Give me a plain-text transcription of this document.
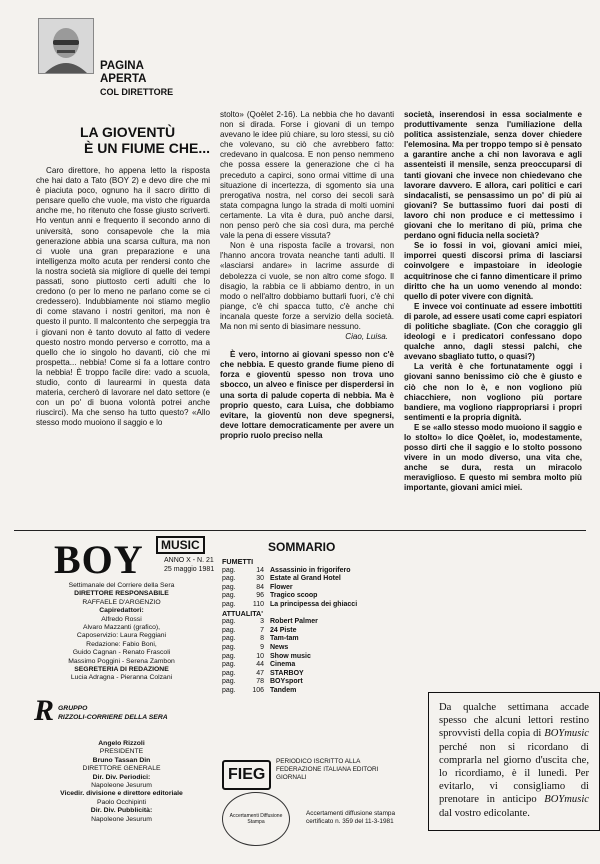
PAGINA
APERTA
COL DIRETTORE
LA GIOVENTÙ
È UN FIUME CHE...

Caro direttore, ho appena letto la risposta che hai dato a Tato (BOY 2) e devo dire che mi è piaciuta poco, ognuno ha il sacro diritto di pensare quello che vuole, ma visto che riguarda anche me, ho ritenuto che fosse giusto scriverti. Ho ventun anni e frequento il secondo anno di università, sono consapevole che la mia generazione abbia una scarsa cultura, ma non ci vuole una gran preparazione e una intelligenza molto acuta per rendersi conto che la nostra società sia migliore di quelle dei tempi passati, sono piuttosto certi adulti che lo credono (o per lo meno ne parlano come se ci credessero). Indubbiamente noi stiamo meglio di come stavano i nostri genitori, ma non è questo il punto. Il malcontento che serpeggia tra i giovani non è tanto dovuto al fatto di vedere questo nostro mondo perverso e corrotto, ma a quello che io singolo ho davanti, ciò che mi prospetta... nebbia! Come si fa a lottare contro la nebbia! È troppo facile dire: vado a scuola, studio, conto di laurearmi in questa data materia, cercherò di lavorare nel dato settore (e con un po' di buona volontà potrei anche riuscirci). Ma che senso ha tutto questo? «Allo stesso modo muoiono il saggio e lo

stolto» (Qoèlet 2-16). La nebbia che ho davanti non si dirada. Forse i giovani di un tempo avevano le idee più chiare, su loro stessi, su ciò che volevano, su ciò che avrebbero fatto: credevano in qualcosa. E non penso nemmeno che possa essere la generazione che ci ha preceduto a capirci, sono ormai vittime di una situazione di incertezza, di sgomento sia una prerogativa nostra, nel corso dei secoli sarà stata compagna lungo la strada di molti uomini certamente. La vita è dura, può anche darsi, non penso però che sia così dura, ma perché vale la pena di essere vissuta?

Non è una risposta facile a trovarsi, non l'hanno ancora trovata neanche tanti adulti. Il «lasciarsi andare» in lacrime assurde di debolezza ci vuole, se non altro come sfogo. Il disagio, la rabbia ce li abbiamo dentro, in un modo o nell'altro dobbiamo buttarli fuori, c'è chi piange, c'è chi spacca tutto, c'è anche chi incanala queste forze a servizio della società. Ma non mi sento di biasimare nessuno.

Ciao, Luisa.

È vero, intorno ai giovani spesso non c'è che nebbia. E questo grande fiume pieno di forza e gioventù spesso non trova uno sbocco, un alveo e finisce per disperdersi in una sorta di palude coperta di nebbia. Ma è proprio questo, cara Luisa, che dobbiamo evitare, la gioventù non deve spegnersi, deve lottare democraticamente per avere un proprio ruolo preciso nella

società, inserendosi in essa socialmente e produttivamente senza l'umiliazione della politica assistenziale, senza dover chiedere l'elemosina. Ma per troppo tempo si è pensato a garantire anche a chi non lavorava e agli assenteisti il mensile, senza preoccuparsi di tanti giovani che invece non chiedevano che lavorare davvero. E allora, cari politici e cari sindacalisti, se pensassimo un po' di più ai giovani? Se buttassimo fuori dai posti di lavoro chi non produce e ci mettessimo i giovani che lo meritano di più, prima che perdano ogni fiducia nella società?

Se io fossi in voi, giovani amici miei, imporrei questi discorsi prima di lasciarsi coinvolgere e impastoiare in ideologie acquitrinose che ci fanno dimenticare il primo diritto che ha un uomo venendo al mondo: quello di poter vivere con dignità.

E invece voi continuate ad essere imbottiti di parole, ad essere usati come capri espiatori di politiche sbagliate. (Con che coraggio gli ideologi e i predicatori confessano dopo qualche anno, dagli stessi palchi, che avevano sbagliato tutto, o quasi?)

La verità è che fortunatamente oggi i giovani sanno benissimo ciò che è giusto e ciò che non lo è, e non vogliono più chiacchiere, non vogliono più portare bandiere, ma vogliono riappropriarsi i propri sentimenti e la propria dignità.

E se «allo stesso modo muoiono il saggio e lo stolto» lo dice Qoèlet, io, modestamente, posso dirti che il saggio e lo stolto possono vivere in un modo diverso, una vita che, anche se dura, resta un miracolo meraviglioso. E questo mi sembra molto più importante, giovani amici miei.

BOY	MUSIC
ANNO X - N. 21
25 maggio 1981
Settimanale del Corriere della Sera
DIRETTORE RESPONSABILE
RAFFAELE D'ARGENZIO
Capiredattori:
Alfredo Rossi
Alvaro Mazzanti (grafico),
Caposervizio: Laura Reggiani
Redazione: Fabio Boni,
Guido Cagnan - Renato Frascoli
Massimo Poggini - Serena Zambon
SEGRETERIA DI REDAZIONE
Lucia Adragna - Pieranna Colzani
R GRUPPO
RIZZOLI-CORRIERE DELLA SERA
Angelo Rizzoli
PRESIDENTE
Bruno Tassan Din
DIRETTORE GENERALE
Dir. Div. Periodici:
Napoleone Jesurum
Vicedir. divisione e direttore editoriale
Paolo Occhipinti
Dir. Div. Pubblicità:
Napoleone Jesurum
SOMMARIO
FUMETTI
pag.	14 Assassinio in frigorifero
pag.	30 Estate al Grand Hotel
pag.	84 Flower
pag.	96 Tragico scoop
pag.	110 La principessa dei ghiacci
ATTUALITA'
pag.	3 Robert Palmer
pag.	7 24 Piste
pag.	8 Tam-tam
pag.	9 News
pag.	10 Show music
pag.	44 Cinema
pag.	47 STARBOY
pag.	78 BOYsport
pag.	106 Tandem
FIEG
PERIODICO ISCRITTO ALLA FEDERAZIONE ITALIANA EDITORI GIORNALI
Accertamenti Diffusione Stampa
Accertamenti diffusione stampa certificato n. 359 del 11-3-1981
Da qualche settimana accade spesso che alcuni lettori restino sprovvisti della copia di BOYmusic perché non si ricordano di comprarla nel giorno d'uscita che, lo ricordiamo, è il lunedì. Per evitarlo, vi consigliamo di prenotare in anticipo BOYmusic dal vostro edicolante.
